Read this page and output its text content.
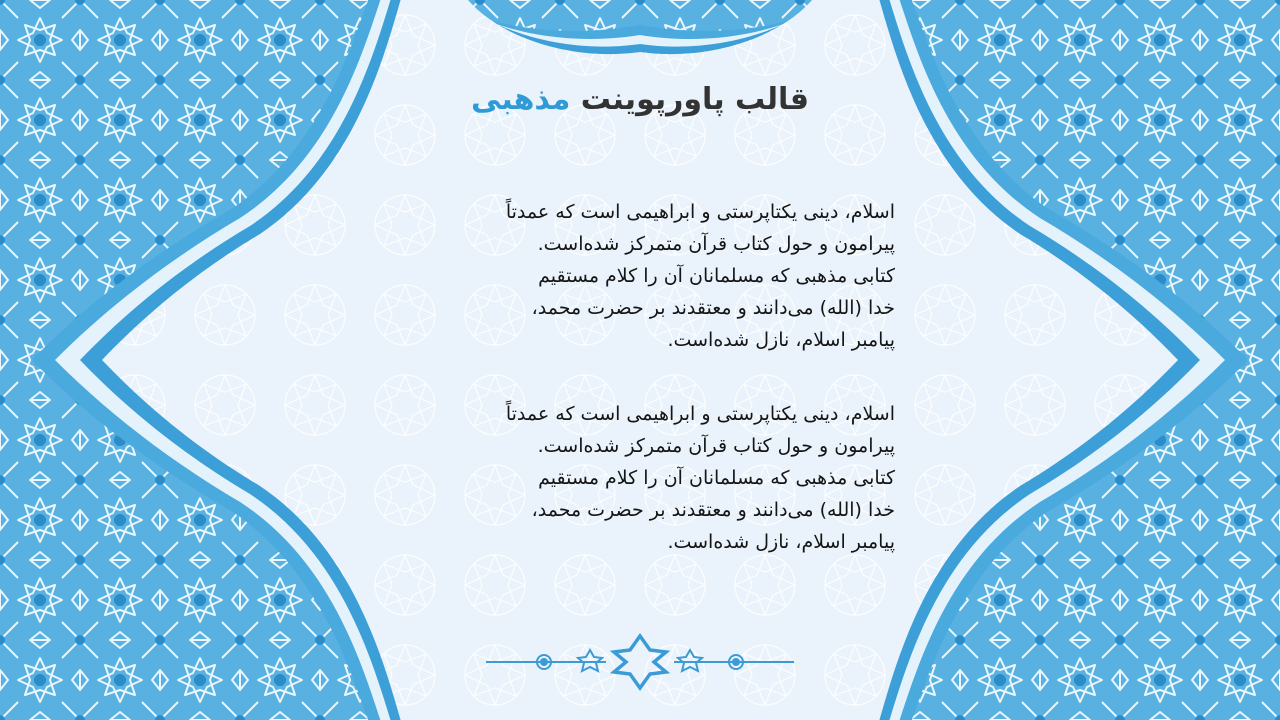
قالب پاورپوینت مذهبی
اسلام، دینی یکتاپرستی و ابراهیمی است که عمدتاً
پیرامون و حول کتاب قرآن متمرکز شده‌است.
کتابی مذهبی که مسلمانان آن را کلام مستقیم
خدا (الله) می‌دانند و معتقدند بر حضرت محمد،
پیامبر اسلام، نازل شده‌است.
اسلام، دینی یکتاپرستی و ابراهیمی است که عمدتاً
پیرامون و حول کتاب قرآن متمرکز شده‌است.
کتابی مذهبی که مسلمانان آن را کلام مستقیم
خدا (الله) می‌دانند و معتقدند بر حضرت محمد،
پیامبر اسلام، نازل شده‌است.
